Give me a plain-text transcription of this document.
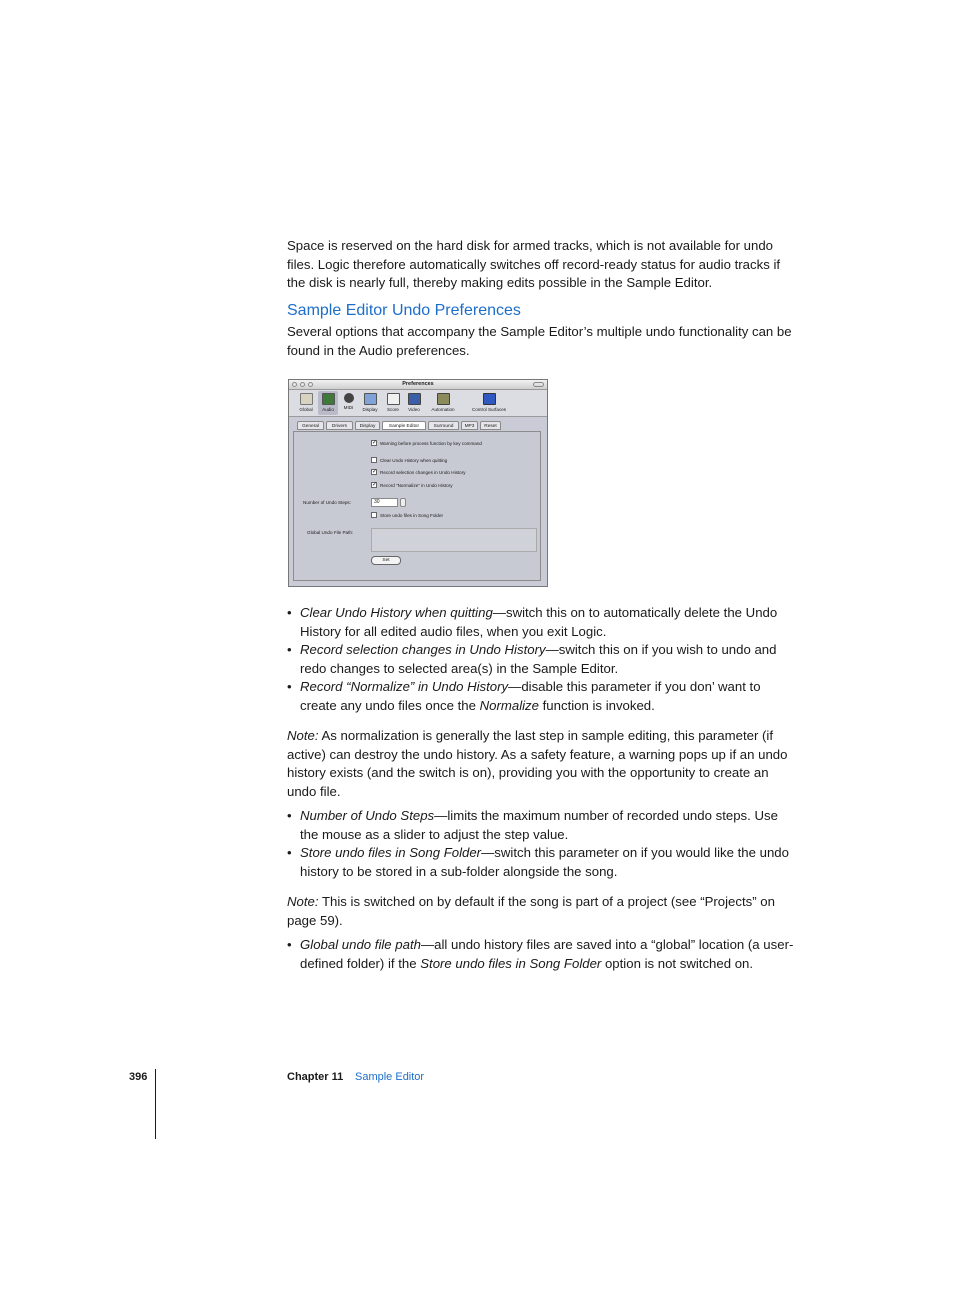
Space is reserved on the hard disk for armed tracks, which is not available for undo files. Logic therefore automatically switches off record-ready status for audio tracks if the disk is nearly full, thereby making edits possible in the Sample Editor.

Sample Editor Undo Preferences

Several options that accompany the Sample Editor’s multiple undo functionality can be found in the Audio preferences.

Preferences
Global	Audio	MIDI	Display	Score	Video	Automation	Control Surfaces
General	Drivers	Display	Sample Editor	Surround	MP3	Reset
✓ Warning before process function by key command
Clear Undo History when quitting
✓ Record selection changes in Undo History
✓ Record “Normalize” in Undo History
Number of Undo Steps:	30
Store undo files in Song Folder
Global Undo File Path:
Set
• Clear Undo History when quitting—switch this on to automatically delete the Undo History for all edited audio files, when you exit Logic.
• Record selection changes in Undo History—switch this on if you wish to undo and redo changes to selected area(s) in the Sample Editor.
• Record “Normalize” in Undo History—disable this parameter if you don’ want to create any undo files once the Normalize function is invoked.

Note: As normalization is generally the last step in sample editing, this parameter (if active) can destroy the undo history. As a safety feature, a warning pops up if an undo history exists (and the switch is on), providing you with the opportunity to create an undo file.

• Number of Undo Steps—limits the maximum number of recorded undo steps. Use the mouse as a slider to adjust the step value.
• Store undo files in Song Folder—switch this parameter on if you would like the undo history to be stored in a sub-folder alongside the song.

Note: This is switched on by default if the song is part of a project (see “Projects” on page 59).

• Global undo file path—all undo history files are saved into a “global” location (a user-defined folder) if the Store undo files in Song Folder option is not switched on.
396	Chapter 11 Sample Editor
